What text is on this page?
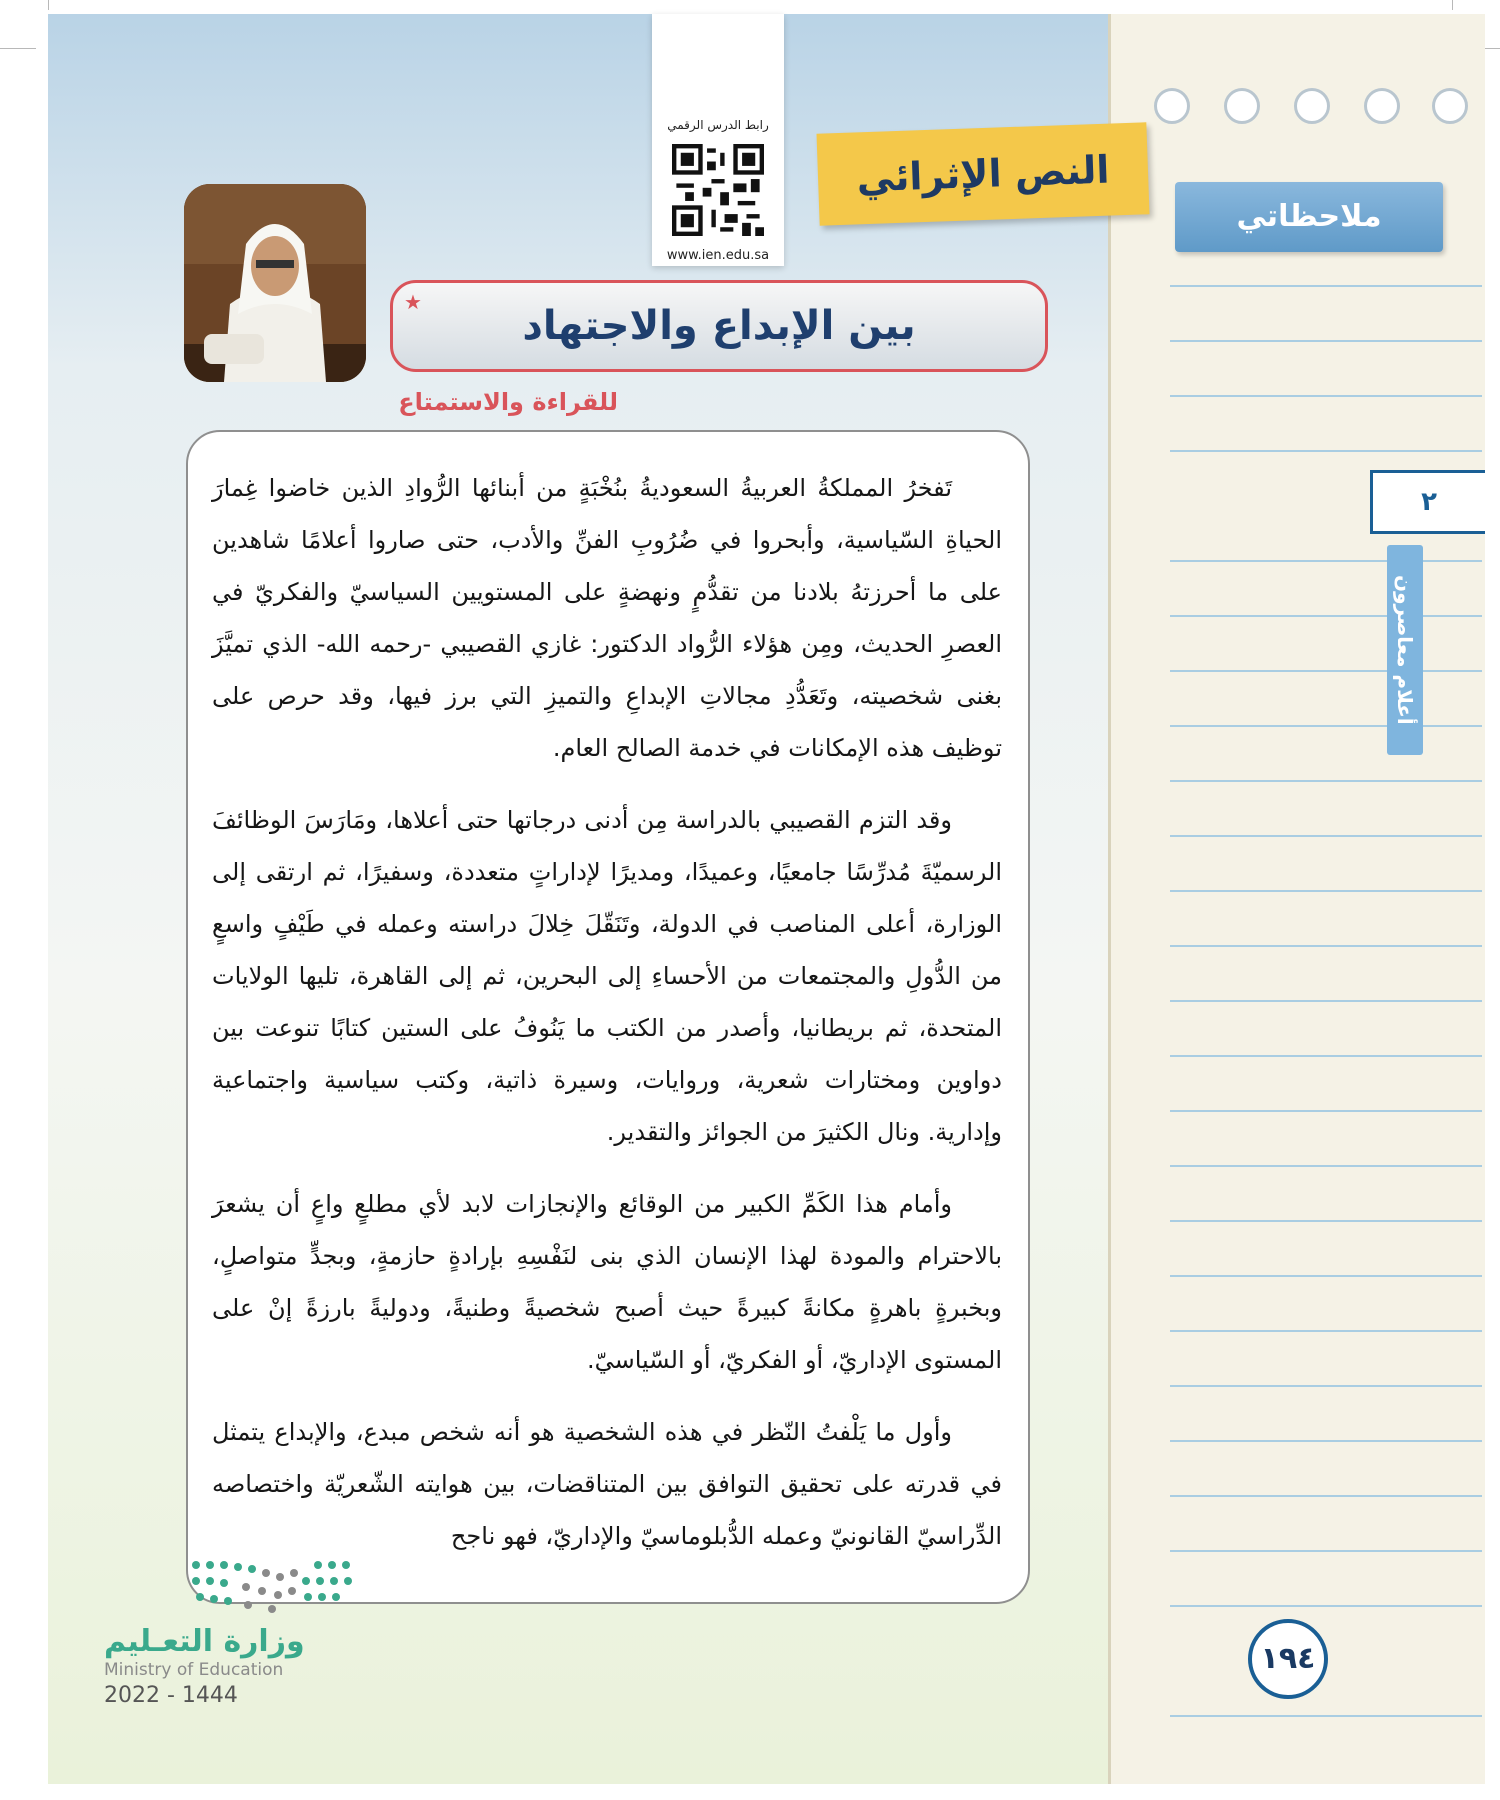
ملاحظاتي
٢
أعلام معاصرون
رابط الدرس الرقمي
www.ien.edu.sa
النص الإثرائي
بين الإبداع والاجتهاد
★
للقراءة والاستمتاع

تَفخرُ المملكةُ العربيةُ السعوديةُ بنُخْبَةٍ من أبنائها الرُّوادِ الذين خاضوا غِمارَ الحياةِ السّياسية، وأبحروا في ضُرُوبِ الفنِّ والأدب، حتى صاروا أعلامًا شاهدين على ما أحرزتهُ بلادنا من تقدُّمٍ ونهضةٍ على المستويين السياسيّ والفكريّ في العصرِ الحديث، ومِن هؤلاء الرُّواد الدكتور: غازي القصيبي -رحمه الله- الذي تميَّزَ بغنى شخصيته، وتَعَدُّدِ مجالاتِ الإبداعِ والتميزِ التي برز فيها، وقد حرص على توظيف هذه الإمكانات في خدمة الصالح العام.

وقد التزم القصيبي بالدراسة مِن أدنى درجاتها حتى أعلاها، ومَارَسَ الوظائفَ الرسميّةَ مُدرِّسًا جامعيًا، وعميدًا، ومديرًا لإداراتٍ متعددة، وسفيرًا، ثم ارتقى إلى الوزارة، أعلى المناصب في الدولة، وتَنَقّلَ خِلالَ دراسته وعمله في طَيْفٍ واسعٍ من الدُّولِ والمجتمعات من الأحساءِ إلى البحرين، ثم إلى القاهرة، تليها الولايات المتحدة، ثم بريطانيا، وأصدر من الكتب ما يَنُوفُ على الستين كتابًا تنوعت بين دواوين ومختارات شعرية، وروايات، وسيرة ذاتية، وكتب سياسية واجتماعية وإدارية. ونال الكثيرَ من الجوائز والتقدير.

وأمام هذا الكَمِّ الكبير من الوقائع والإنجازات لابد لأي مطلعٍ واعٍ أن يشعرَ بالاحترام والمودة لهذا الإنسان الذي بنى لنَفْسِهِ بإرادةٍ حازمةٍ، وبجدٍّ متواصلٍ، وبخبرةٍ باهرةٍ مكانةً كبيرةً حيث أصبح شخصيةً وطنيةً، ودوليةً بارزةً إنْ على المستوى الإداريّ، أو الفكريّ، أو السّياسيّ.

وأول ما يَلْفتُ النّظر في هذه الشخصية هو أنه شخص مبدع، والإبداع يتمثل في قدرته على تحقيق التوافق بين المتناقضات، بين هوايته الشّعريّة واختصاصه الدِّراسيّ القانونيّ وعمله الدُّبلوماسيّ والإداريّ، فهو ناجح

وزارة التعـليم
Ministry of Education
2022 - 1444
١٩٤
